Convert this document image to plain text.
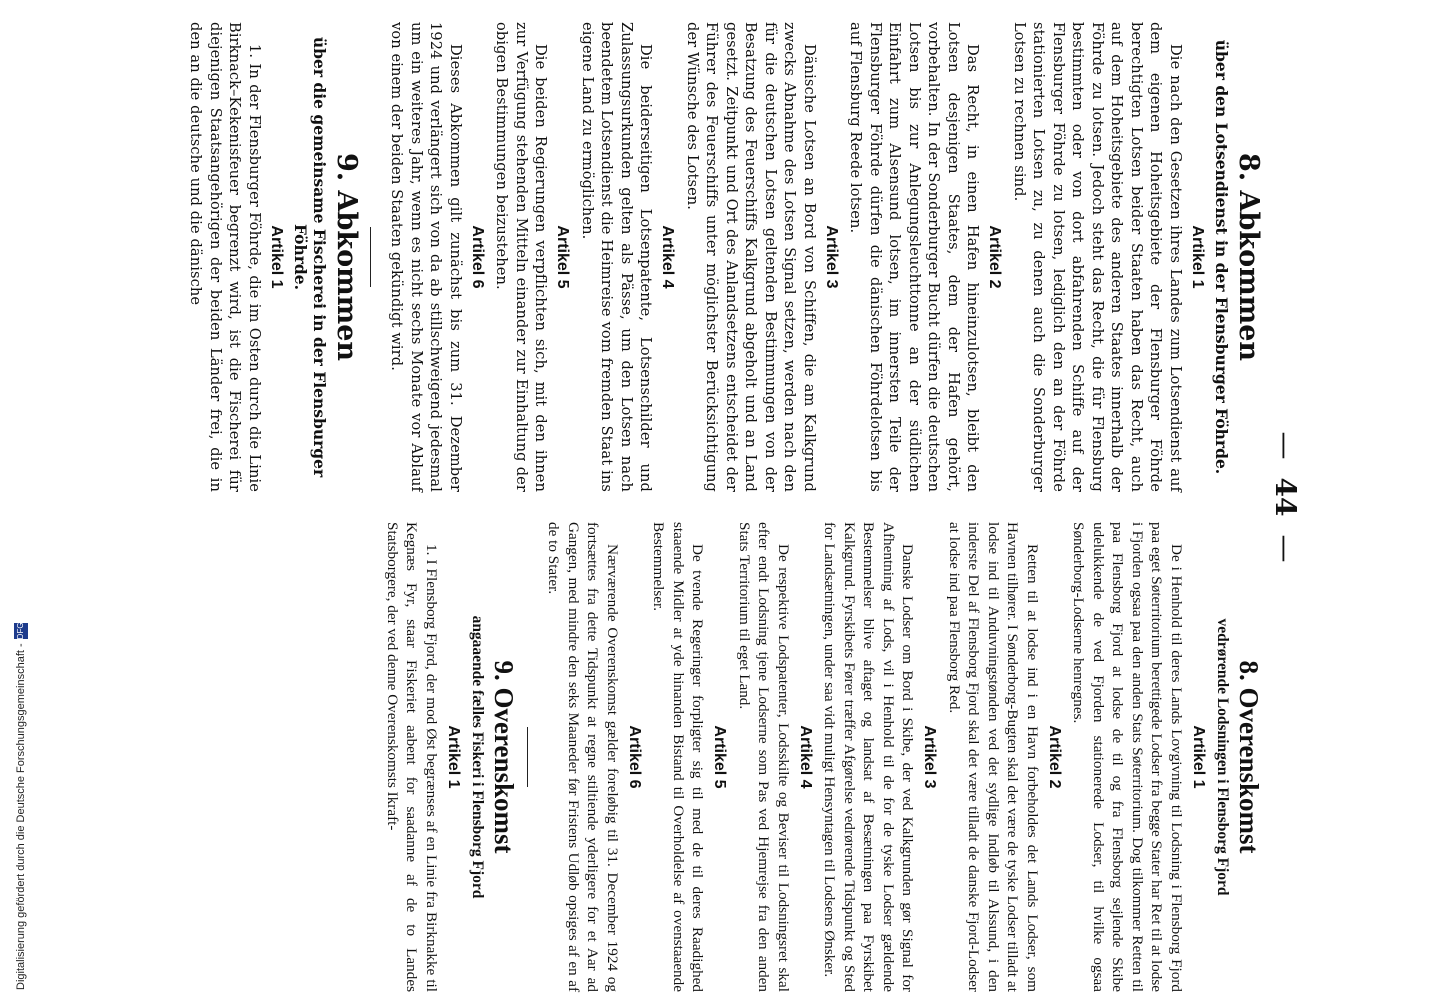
—44—
8. Abkommen
über den Lotsendienst in der Flensburger Föhrde.
Artikel 1

Die nach den Gesetzen ihres Landes zum Lotsendienst auf dem eigenen Hoheitsgebiete der Flensburger Föhrde berechtigten Lotsen beider Staaten haben das Recht, auch auf dem Hoheitsgebiete des anderen Staates innerhalb der Föhrde zu lotsen. Jedoch steht das Recht, die für Flensburg bestimmten oder von dort abfahrenden Schiffe auf der Flensburger Föhrde zu lotsen, lediglich den an der Föhrde stationierten Lotsen zu, zu denen auch die Sonderburger Lotsen zu rechnen sind.

Artikel 2

Das Recht, in einen Hafen hineinzulotsen, bleibt den Lotsen desjenigen Staates, dem der Hafen gehört, vorbehalten. In der Sonderburger Bucht dürfen die deutschen Lotsen bis zur Anlegungsleuchttonne an der südlichen Einfahrt zum Alsensund lotsen, im innersten Teile der Flensburger Föhrde dürfen die dänischen Föhrdelotsen bis auf Flensburg Reede lotsen.

Artikel 3

Dänische Lotsen an Bord von Schiffen, die am Kalkgrund zwecks Abnahme des Lotsen Signal setzen, werden nach den für die deutschen Lotsen geltenden Bestimmungen von der Besatzung des Feuerschiffs Kalkgrund abgeholt und an Land gesetzt. Zeitpunkt und Ort des Anlandsetzens entscheidet der Führer des Feuerschiffs unter möglichster Berücksichtigung der Wünsche des Lotsen.

Artikel 4

Die beiderseitigen Lotsenpatente, Lotsenschilder und Zulassungsurkunden gelten als Pässe, um den Lotsen nach beendetem Lotsendienst die Heimreise vom fremden Staat ins eigene Land zu ermöglichen.

Artikel 5

Die beiden Regierungen verpflichten sich, mit den ihnen zur Verfügung stehenden Mitteln einander zur Einhaltung der obigen Bestimmungen beizustehen.

Artikel 6

Dieses Abkommen gilt zunächst bis zum 31. Dezember 1924 und verlängert sich von da ab stillschweigend jedesmal um ein weiteres Jahr, wenn es nicht sechs Monate vor Ablauf von einem der beiden Staaten gekündigt wird.

9. Abkommen
über die gemeinsame Fischerei in der Flensburger Föhrde.
Artikel 1

1. In der Flensburger Föhrde, die im Osten durch die Linie Birknack–Kekenisfeuer begrenzt wird, ist die Fischerei für diejenigen Staatsangehörigen der beiden Länder frei, die in den an die deutsche und die dänische

8. Overenskomst
vedrørende Lodsningen i Flensborg Fjord
Artikel 1

De i Henhold til deres Lands Lovgivning til Lodsning i Flensborg Fjord paa eget Søterritorium berettigede Lodser fra begge Stater har Ret til at lodse i Fjorden ogsaa paa den anden Stats Søterritorium. Dog tilkommer Retten til paa Flensborg Fjord at lodse de til og fra Flensborg sejlende Skibe udelukkende de ved Fjorden stationerede Lodser, til hvilke ogsaa Sønderborg-Lodserne henregnes.

Artikel 2

Retten til at lodse ind i en Havn forbeholdes det Lands Lodser, som Havnen tilhører. I Sønderborg-Bugten skal det være de tyske Lodser tilladt at lodse ind til Anduvningstønden ved det sydlige Indløb til Alssund, i den inderste Del af Flensborg Fjord skal det være tilladt de danske Fjord-Lodser at lodse ind paa Flensborg Red.

Artikel 3

Danske Lodser om Bord i Skibe, der ved Kalkgrunden gør Signal for Afhentning af Lods, vil i Henhold til de for de tyske Lodser gældende Bestemmelser blive aftaget og landsat af Besætningen paa Fyrskibet Kalkgrund. Fyrskibets Fører træffer Afgørelse vedrørende Tidspunkt og Sted for Landsætningen, under saa vidt muligt Hensyntagen til Lodsens Ønsker.

Artikel 4

De respektive Lodspatenter, Lodsskilte og Beviser til Lodsningsret skal efter endt Lodsning tjene Lodserne som Pas ved Hjemrejse fra den anden Stats Territorium til eget Land.

Artikel 5

De tvende Regeringer forpligter sig til med de til deres Raadighed staaende Midler at yde hinanden Bistand til Overholdelse af ovenstaaende Bestemmelser.

Artikel 6

Nærværende Overenskomst gælder foreløbig til 31. December 1924 og fortsættes fra dette Tidspunkt at regne stiltiende yderligere for et Aar ad Gangen, med mindre den seks Maaneder før Fristens Udløb opsiges af en af de to Stater.

9. Overenskomst
angaaende fælles Fiskeri i Flensborg Fjord
Artikel 1

1. I Flensborg Fjord, der mod Øst begrænses af en Linie fra Birknakke til Kegnæs Fyr, staar Fiskeriet aabent for saadanne af de to Landes Statsborgere, der ved denne Overenskomsts Ikraft-

Digitalisierung gefördert durch die Deutsche Forschungsgemeinschaft -DFG
